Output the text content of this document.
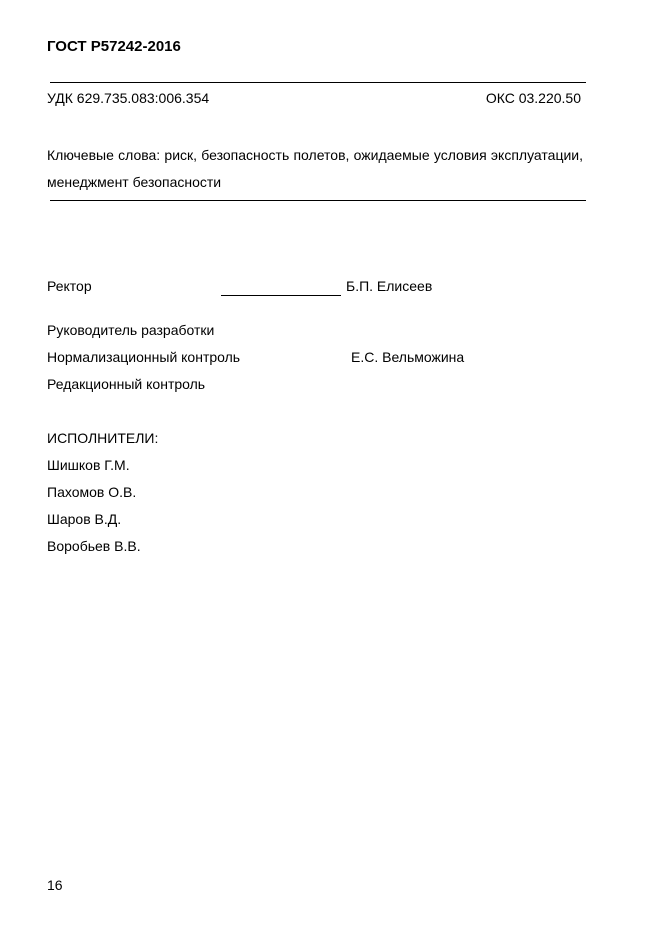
ГОСТ Р57242-2016
УДК 629.735.083:006.354	ОКС 03.220.50

Ключевые слова: риск, безопасность полетов, ожидаемые условия эксплуатации, менеджмент безопасности

Ректор	Б.П. Елисеев
Руководитель разработки
Нормализационный контроль	Е.С. Вельможина
Редакционный контроль
ИСПОЛНИТЕЛИ:
Шишков Г.М.
Пахомов О.В.
Шаров В.Д.
Воробьев В.В.
16
